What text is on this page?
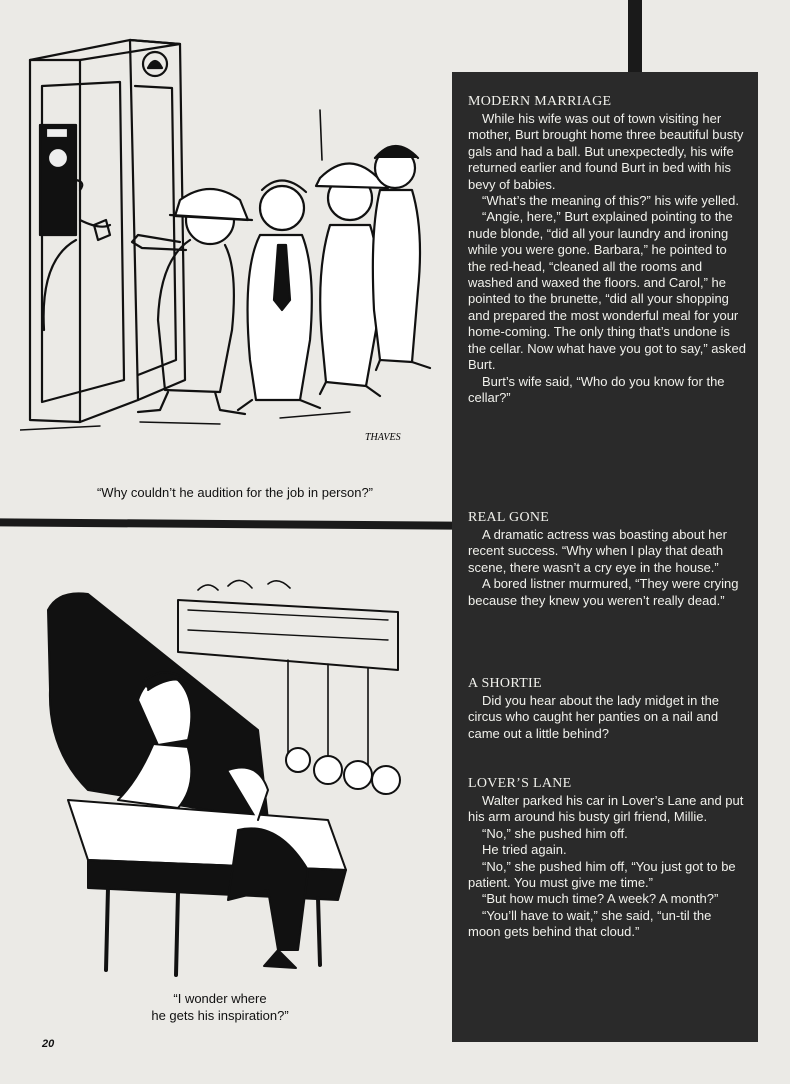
THAVES
“Why couldn’t he audition for the job in person?”
“I wonder where
he gets his inspiration?”
20
MODERN MARRIAGE

While his wife was out of town visiting her mother, Burt brought home three beautiful busty gals and had a ball. But unexpectedly, his wife returned earlier and found Burt in bed with his bevy of babies.

“What’s the meaning of this?” his wife yelled.

“Angie, here,” Burt explained pointing to the nude blonde, “did all your laundry and ironing while you were gone. Barbara,” he pointed to the red-head, “cleaned all the rooms and washed and waxed the floors. and Carol,” he pointed to the brunette, “did all your shopping and prepared the most wonderful meal for your home-coming. The only thing that’s undone is the cellar. Now what have you got to say,” asked Burt.

Burt’s wife said, “Who do you know for the cellar?”

REAL GONE

A dramatic actress was boasting about her recent success. “Why when I play that death scene, there wasn’t a cry eye in the house.”

A bored listner murmured, “They were crying because they knew you weren’t really dead.”

A SHORTIE

Did you hear about the lady midget in the circus who caught her panties on a nail and came out a little behind?

LOVER’S LANE

Walter parked his car in Lover’s Lane and put his arm around his busty girl friend, Millie.

“No,” she pushed him off.

He tried again.

“No,” she pushed him off, “You just got to be patient. You must give me time.”

“But how much time? A week? A month?”

“You’ll have to wait,” she said, “un-til the moon gets behind that cloud.”
